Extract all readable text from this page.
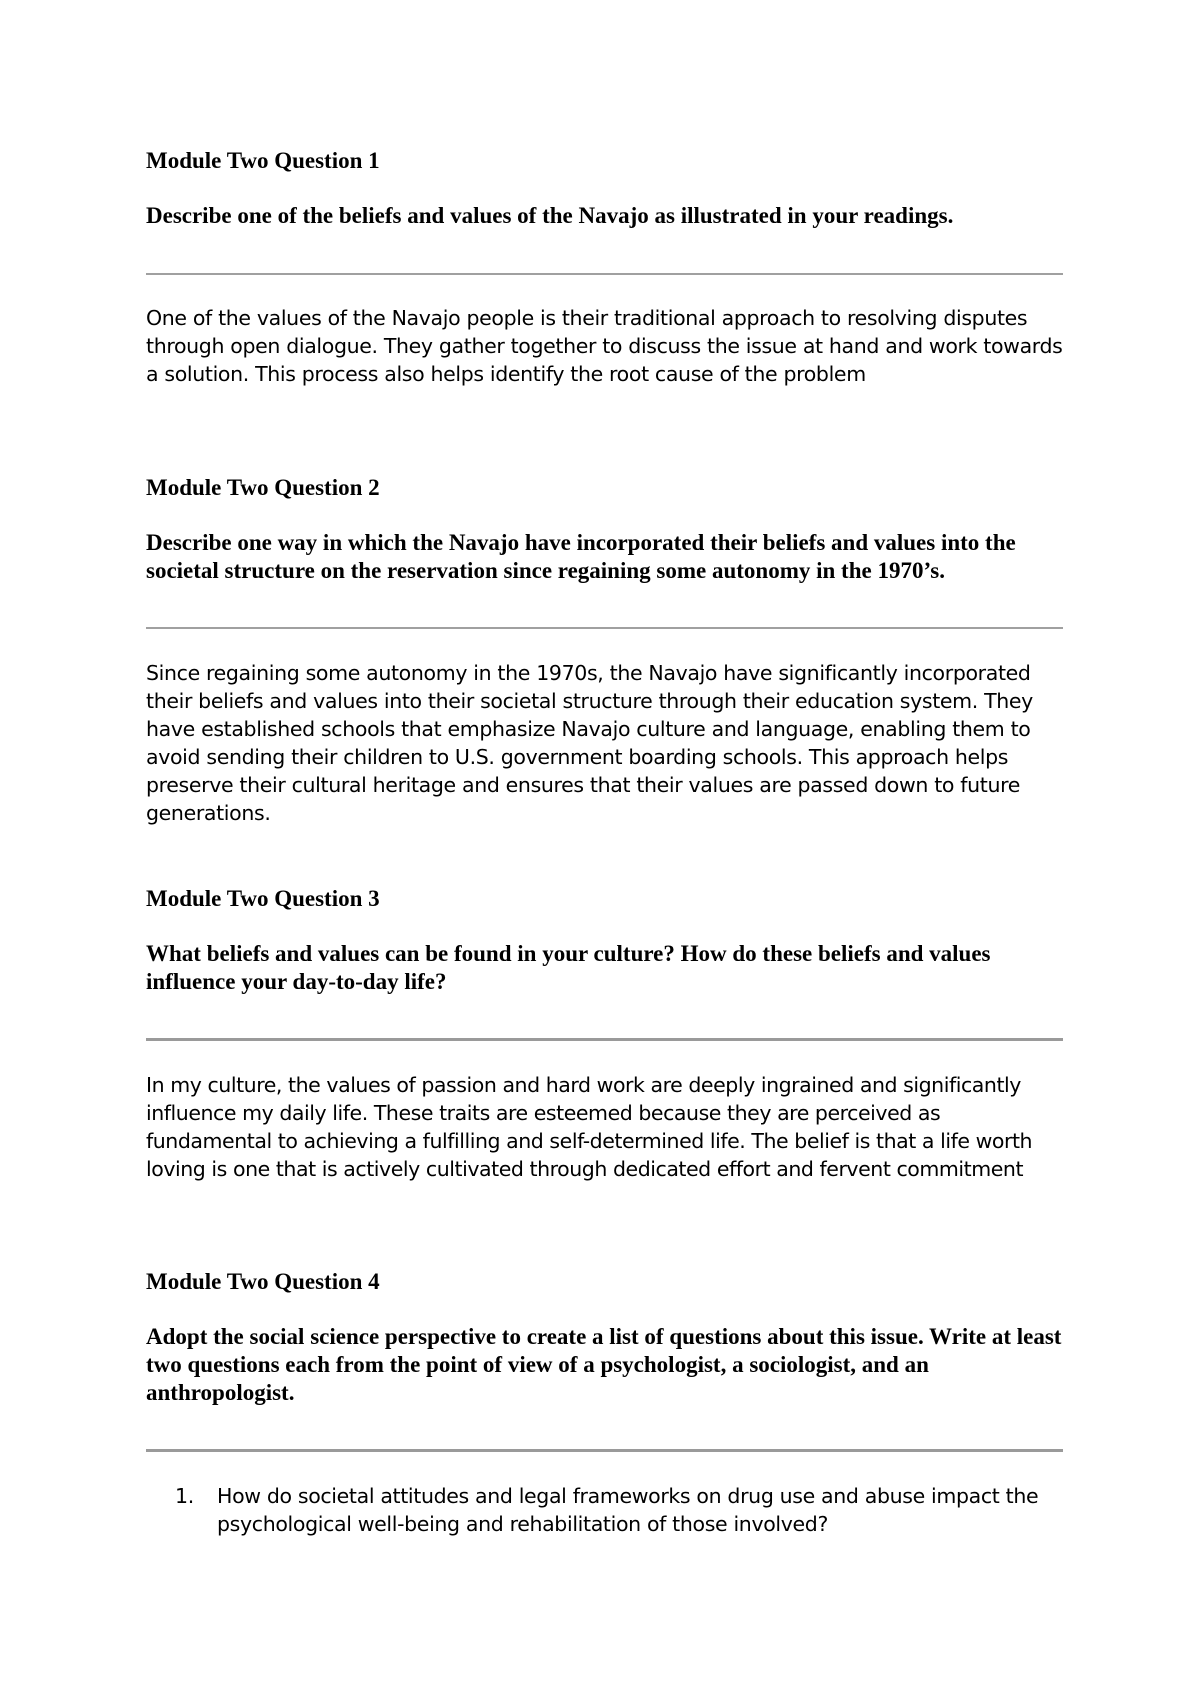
Module Two Question 1
Describe one of the beliefs and values of the Navajo as illustrated in your readings.
One of the values of the Navajo people is their traditional approach to resolving disputes through open dialogue. They gather together to discuss the issue at hand and work towards a solution. This process also helps identify the root cause of the problem
Module Two Question 2
Describe one way in which the Navajo have incorporated their beliefs and values into the societal structure on the reservation since regaining some autonomy in the 1970’s.
Since regaining some autonomy in the 1970s, the Navajo have significantly incorporated their beliefs and values into their societal structure through their education system. They have established schools that emphasize Navajo culture and language, enabling them to avoid sending their children to U.S. government boarding schools. This approach helps preserve their cultural heritage and ensures that their values are passed down to future generations.
Module Two Question 3
What beliefs and values can be found in your culture? How do these beliefs and values influence your day-to-day life?
In my culture, the values of passion and hard work are deeply ingrained and significantly influence my daily life. These traits are esteemed because they are perceived as fundamental to achieving a fulfilling and self-determined life. The belief is that a life worth loving is one that is actively cultivated through dedicated effort and fervent commitment
Module Two Question 4
Adopt the social science perspective to create a list of questions about this issue. Write at least two questions each from the point of view of a psychologist, a sociologist, and an anthropologist.
1. How do societal attitudes and legal frameworks on drug use and abuse impact the psychological well-being and rehabilitation of those involved?
